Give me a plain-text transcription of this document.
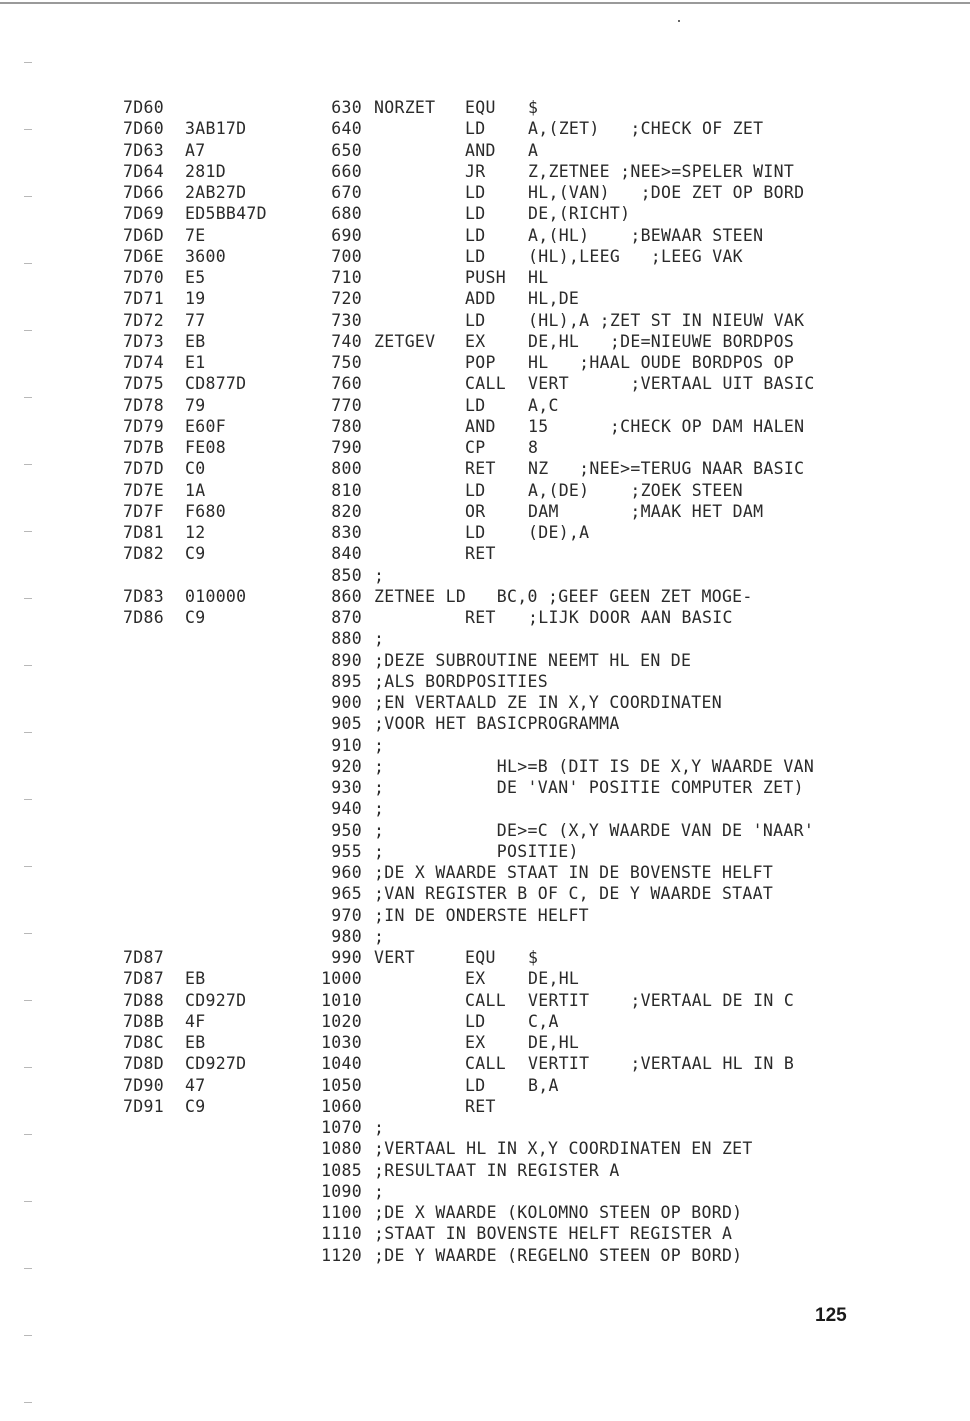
7D60	630 NORZET EQU $
7D60 3AB17D	640	LD	A,(ZET)   ;CHECK OF ZET
7D63 A7	650	AND A
7D64 281D	660	JR	Z,ZETNEE ;NEE>=SPELER WINT
7D66 2AB27D	670	LD	HL,(VAN)   ;DOE ZET OP BORD
7D69 ED5BB47D	680	LD	DE,(RICHT)
7D6D 7E	690	LD	A,(HL)    ;BEWAAR STEEN
7D6E 3600	700	LD	(HL),LEEG   ;LEEG VAK
7D70 E5	710	PUSH HL
7D71 19	720	ADD HL,DE
7D72 77	730	LD	(HL),A ;ZET ST IN NIEUW VAK
7D73 EB	740 ZETGEV EX	DE,HL   ;DE=NIEUWE BORDPOS
7D74 E1	750	POP HL   ;HAAL OUDE BORDPOS OP
7D75 CD877D	760	CALL VERT      ;VERTAAL UIT BASIC
7D78 79	770	LD	A,C
7D79 E60F	780	AND 15      ;CHECK OP DAM HALEN
7D7B FE08	790	CP	8
7D7D C0	800	RET NZ   ;NEE>=TERUG NAAR BASIC
7D7E 1A	810	LD	A,(DE)    ;ZOEK STEEN
7D7F F680	820	OR	DAM       ;MAAK HET DAM
7D81 12	830	LD	(DE),A
7D82 C9	840	RET
850 ;
7D83 010000	860 ZETNEE LD   BC,0 ;GEEF GEEN ZET MOGE-
7D86 C9	870	RET ;LIJK DOOR AAN BASIC
880 ;
890 ;DEZE SUBROUTINE NEEMT HL EN DE
895 ;ALS BORDPOSITIES
900 ;EN VERTAALD ZE IN X,Y COORDINATEN
905 ;VOOR HET BASICPROGRAMMA
910 ;
920 ;           HL>=B (DIT IS DE X,Y WAARDE VAN
930 ;           DE 'VAN' POSITIE COMPUTER ZET)
940 ;
950 ;           DE>=C (X,Y WAARDE VAN DE 'NAAR'
955 ;           POSITIE)
960 ;DE X WAARDE STAAT IN DE BOVENSTE HELFT
965 ;VAN REGISTER B OF C, DE Y WAARDE STAAT
970 ;IN DE ONDERSTE HELFT
980 ;
7D87	990 VERT	EQU $
7D87 EB	1000	EX	DE,HL
7D88 CD927D	1010	CALL VERTIT    ;VERTAAL DE IN C
7D8B 4F	1020	LD	C,A
7D8C EB	1030	EX	DE,HL
7D8D CD927D	1040	CALL VERTIT    ;VERTAAL HL IN B
7D90 47	1050	LD	B,A
7D91 C9	1060	RET
1070 ;
1080 ;VERTAAL HL IN X,Y COORDINATEN EN ZET
1085 ;RESULTAAT IN REGISTER A
1090 ;
1100 ;DE X WAARDE (KOLOMNO STEEN OP BORD)
1110 ;STAAT IN BOVENSTE HELFT REGISTER A
1120 ;DE Y WAARDE (REGELNO STEEN OP BORD)
125
